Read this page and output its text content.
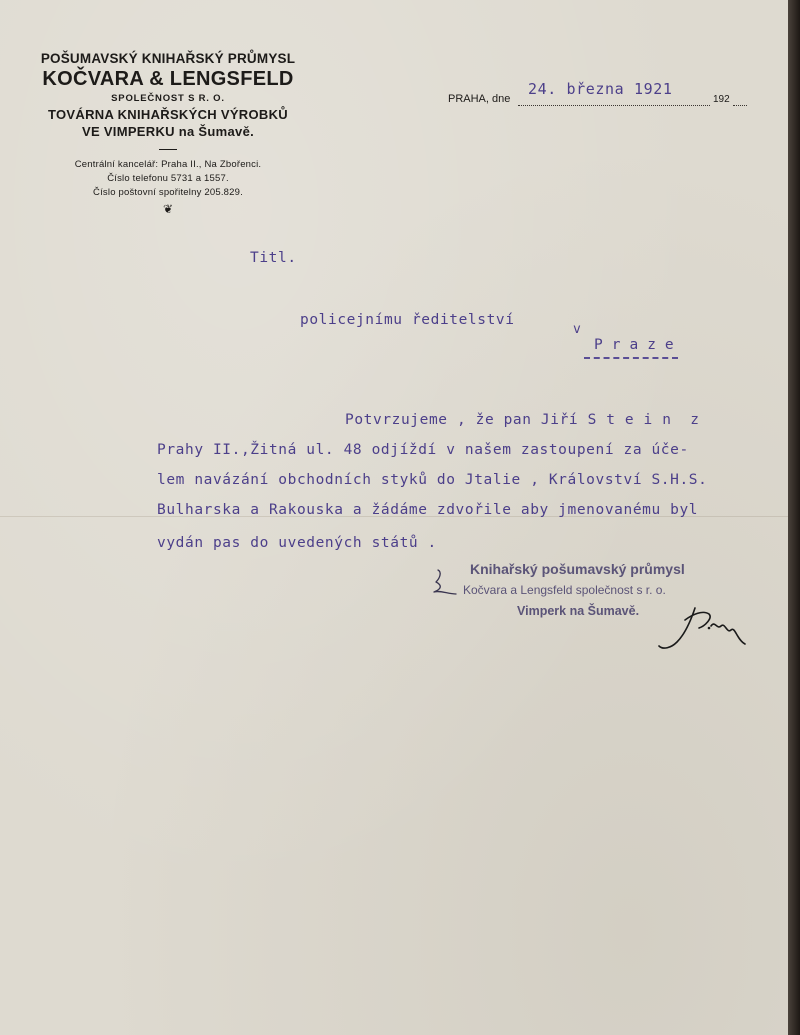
POŠUMAVSKÝ KNIHAŘSKÝ PRŮMYSL
KOČVARA & LENGSFELD
SPOLEČNOST S R. O.
TOVÁRNA KNIHAŘSKÝCH VÝROBKŮ
VE VIMPERKU na Šumavě.
Centrální kancelář: Praha II., Na Zbořenci.
Číslo telefonu 5731 a 1557.
Číslo poštovní spořitelny 205.829.
❦
24. března 1921
PRAHA, dne	192
Titl.
policejnímu ředitelství
v
Praze
Potvrzujeme , že pan Jiří S t e i n  z
Prahy II.,Žitná ul. 48 odjíždí v našem zastoupení za úče-
lem navázání obchodních styků do Jtalie , Království S.H.S.
Bulharska a Rakouska a žádáme zdvořile aby jmenovanému byl
vydán pas do uvedených států .
Knihařský pošumavský průmysl
Kočvara a Lengsfeld společnost s r. o.
Vimperk na Šumavě.
